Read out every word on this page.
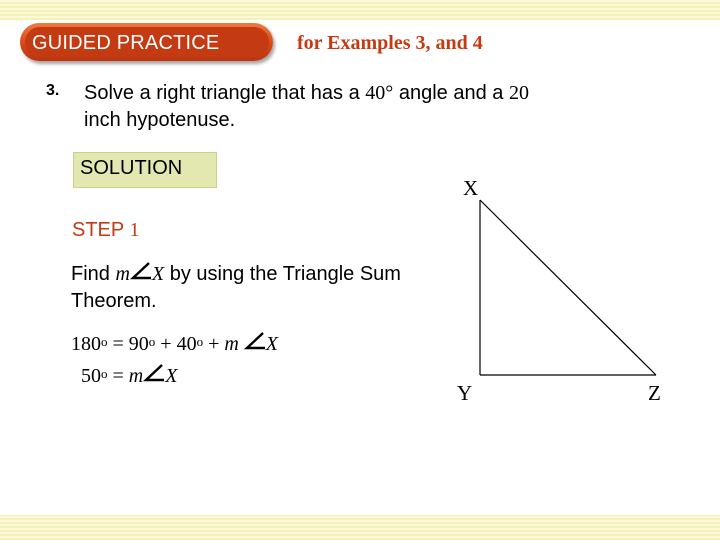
GUIDED PRACTICE	for Examples 3, and 4
3. Solve a right triangle that has a 40° angle and a 20
inch hypotenuse.
SOLUTION
STEP 1
Find m X by using the Triangle Sum Theorem.
$180^o = 90^o + 40^o + m$ X
$50^o = m$ X
X
Y	Z
